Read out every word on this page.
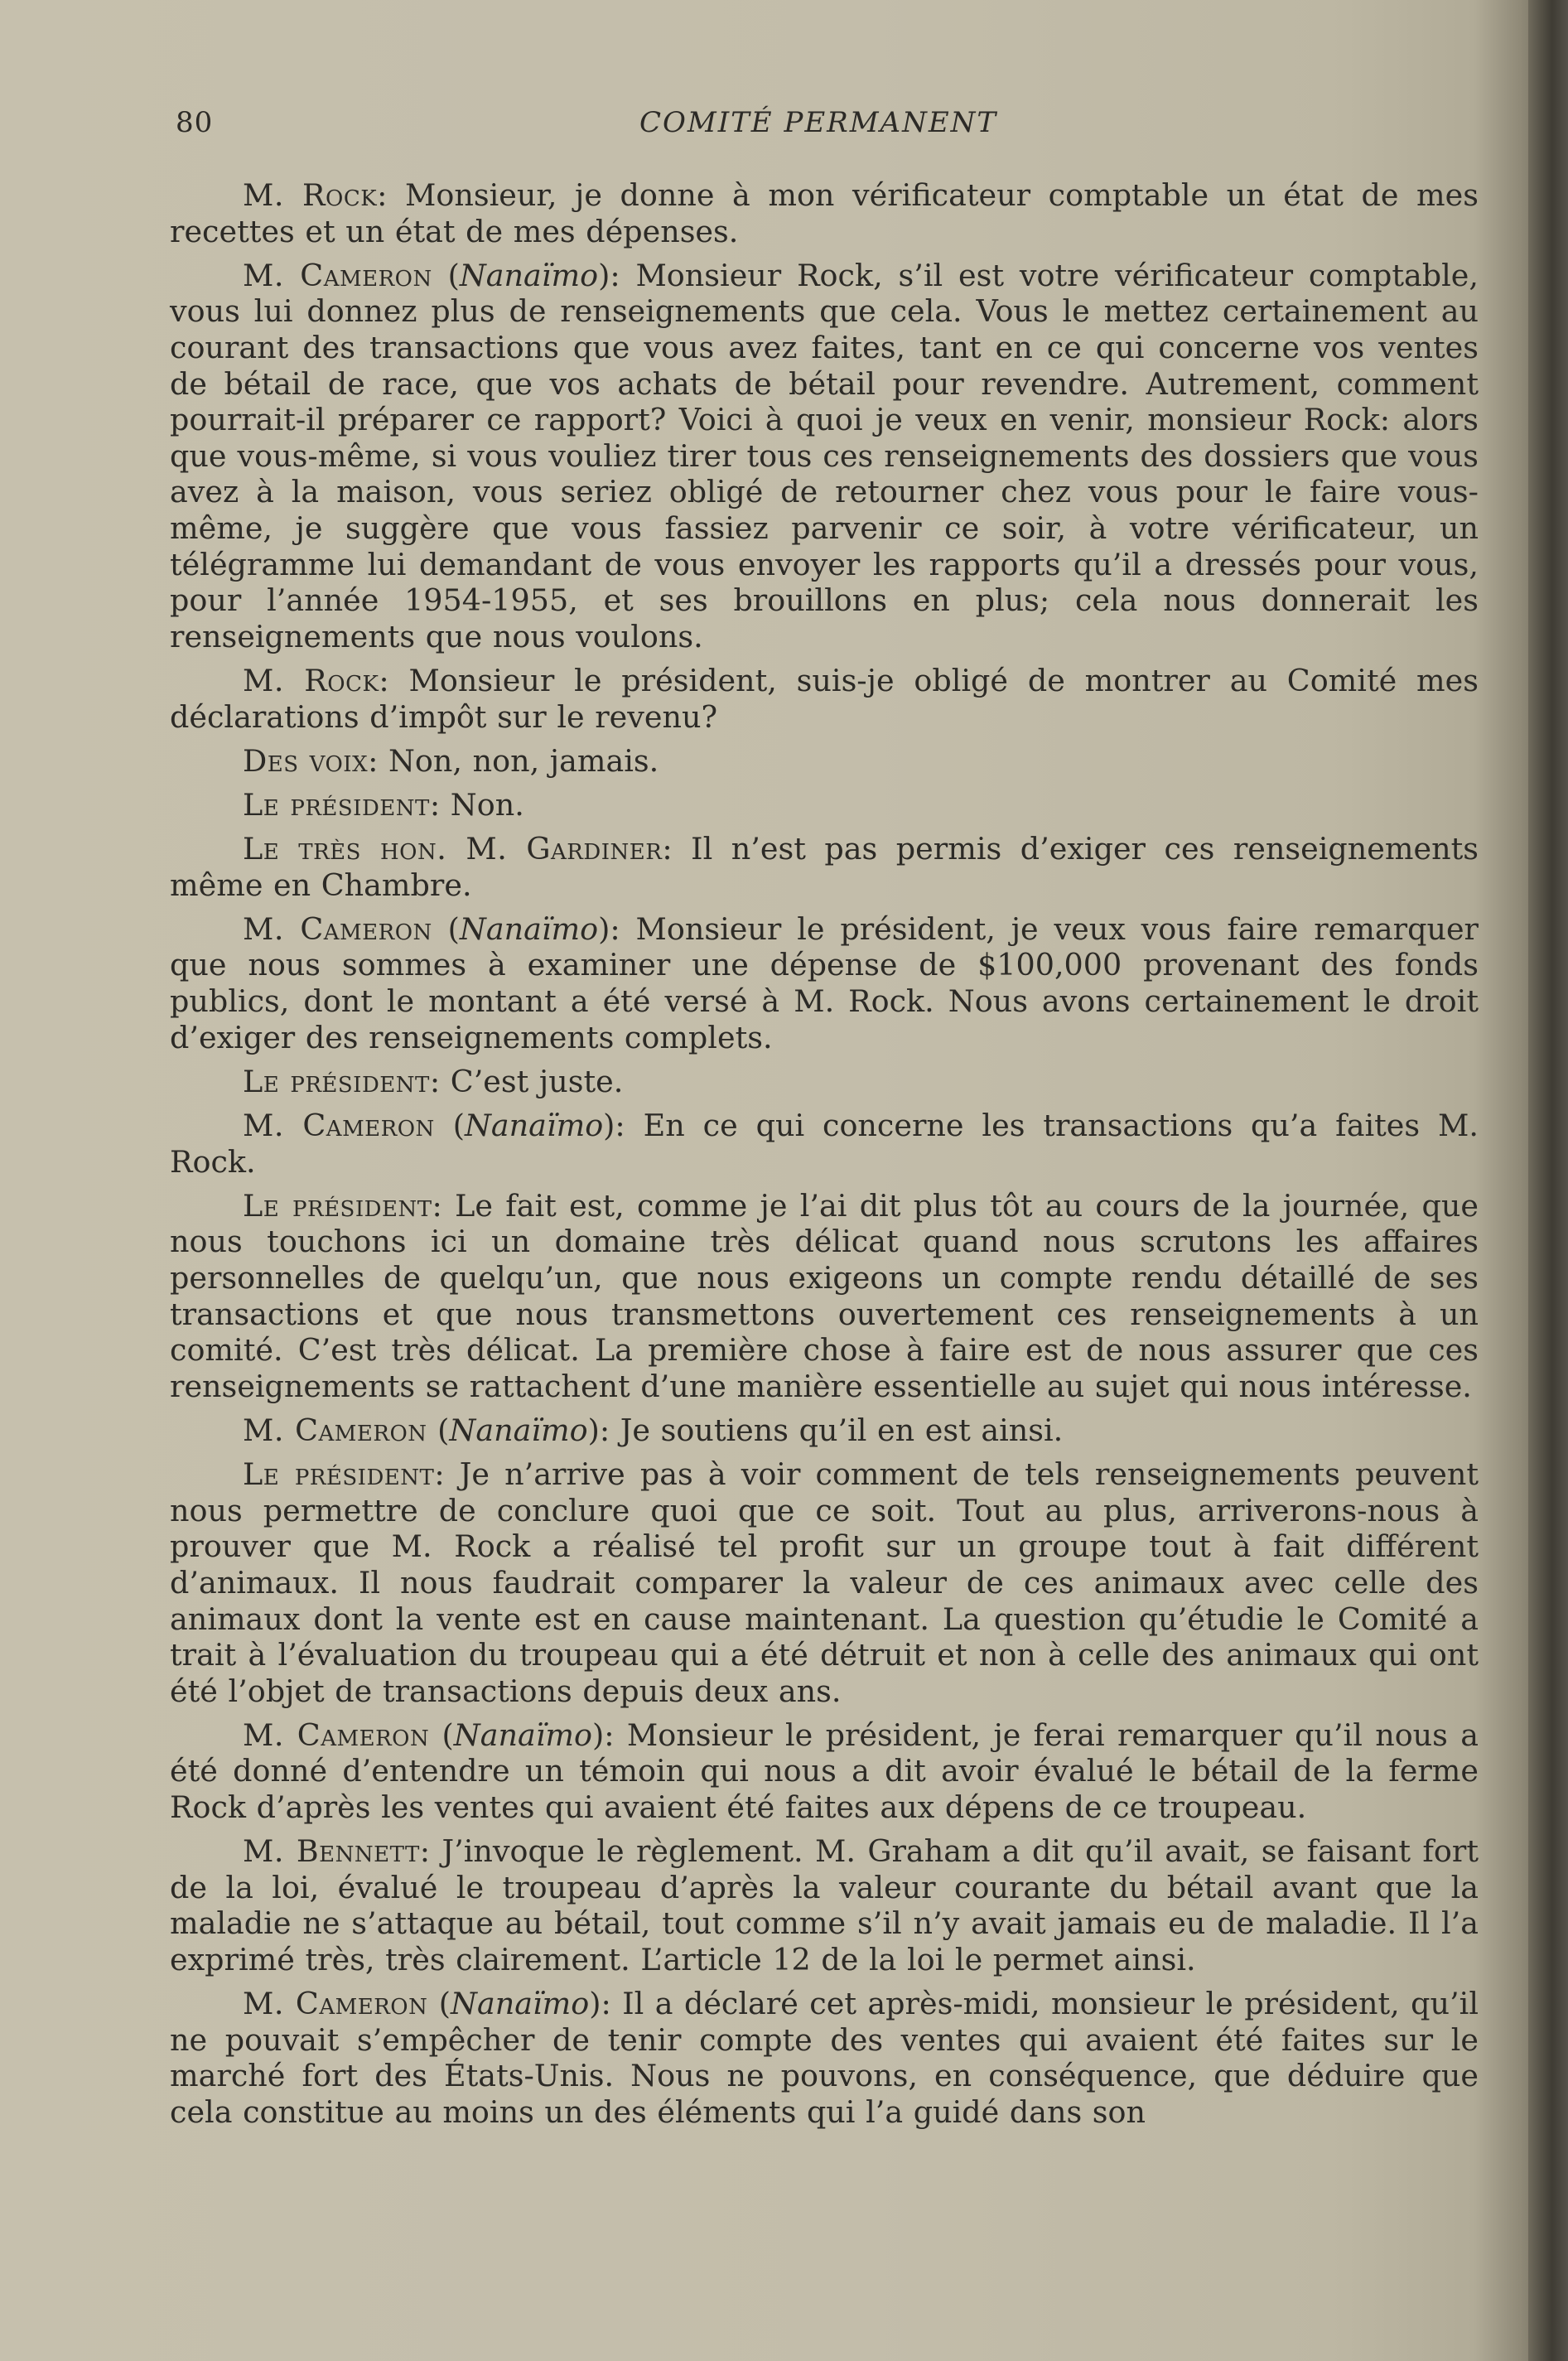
80	COMITÉ PERMANENT

M. Rock: Monsieur, je donne à mon vérificateur comptable un état de mes recettes et un état de mes dépenses.

M. Cameron (Nanaïmo): Monsieur Rock, s’il est votre vérificateur comptable, vous lui donnez plus de renseignements que cela. Vous le mettez certainement au courant des transactions que vous avez faites, tant en ce qui concerne vos ventes de bétail de race, que vos achats de bétail pour revendre. Autrement, comment pourrait-il préparer ce rapport? Voici à quoi je veux en venir, monsieur Rock: alors que vous-même, si vous vouliez tirer tous ces renseignements des dossiers que vous avez à la maison, vous seriez obligé de retourner chez vous pour le faire vous-même, je suggère que vous fassiez parvenir ce soir, à votre vérificateur, un télégramme lui demandant de vous envoyer les rapports qu’il a dressés pour vous, pour l’année 1954-1955, et ses brouillons en plus; cela nous donnerait les renseignements que nous voulons.

M. Rock: Monsieur le président, suis-je obligé de montrer au Comité mes déclarations d’impôt sur le revenu?

Des voix: Non, non, jamais.

Le président: Non.

Le très hon. M. Gardiner: Il n’est pas permis d’exiger ces renseignements même en Chambre.

M. Cameron (Nanaïmo): Monsieur le président, je veux vous faire remarquer que nous sommes à examiner une dépense de $100,000 provenant des fonds publics, dont le montant a été versé à M. Rock. Nous avons certainement le droit d’exiger des renseignements complets.

Le président: C’est juste.

M. Cameron (Nanaïmo): En ce qui concerne les transactions qu’a faites M. Rock.

Le président: Le fait est, comme je l’ai dit plus tôt au cours de la journée, que nous touchons ici un domaine très délicat quand nous scrutons les affaires personnelles de quelqu’un, que nous exigeons un compte rendu détaillé de ses transactions et que nous transmettons ouvertement ces renseignements à un comité. C’est très délicat. La première chose à faire est de nous assurer que ces renseignements se rattachent d’une manière essentielle au sujet qui nous intéresse.

M. Cameron (Nanaïmo): Je soutiens qu’il en est ainsi.

Le président: Je n’arrive pas à voir comment de tels renseignements peuvent nous permettre de conclure quoi que ce soit. Tout au plus, arriverons-nous à prouver que M. Rock a réalisé tel profit sur un groupe tout à fait différent d’animaux. Il nous faudrait comparer la valeur de ces animaux avec celle des animaux dont la vente est en cause maintenant. La question qu’étudie le Comité a trait à l’évaluation du troupeau qui a été détruit et non à celle des animaux qui ont été l’objet de transactions depuis deux ans.

M. Cameron (Nanaïmo): Monsieur le président, je ferai remarquer qu’il nous a été donné d’entendre un témoin qui nous a dit avoir évalué le bétail de la ferme Rock d’après les ventes qui avaient été faites aux dépens de ce troupeau.

M. Bennett: J’invoque le règlement. M. Graham a dit qu’il avait, se faisant fort de la loi, évalué le troupeau d’après la valeur courante du bétail avant que la maladie ne s’attaque au bétail, tout comme s’il n’y avait jamais eu de maladie. Il l’a exprimé très, très clairement. L’article 12 de la loi le permet ainsi.

M. Cameron (Nanaïmo): Il a déclaré cet après-midi, monsieur le président, qu’il ne pouvait s’empêcher de tenir compte des ventes qui avaient été faites sur le marché fort des États-Unis. Nous ne pouvons, en conséquence, que déduire que cela constitue au moins un des éléments qui l’a guidé dans son
